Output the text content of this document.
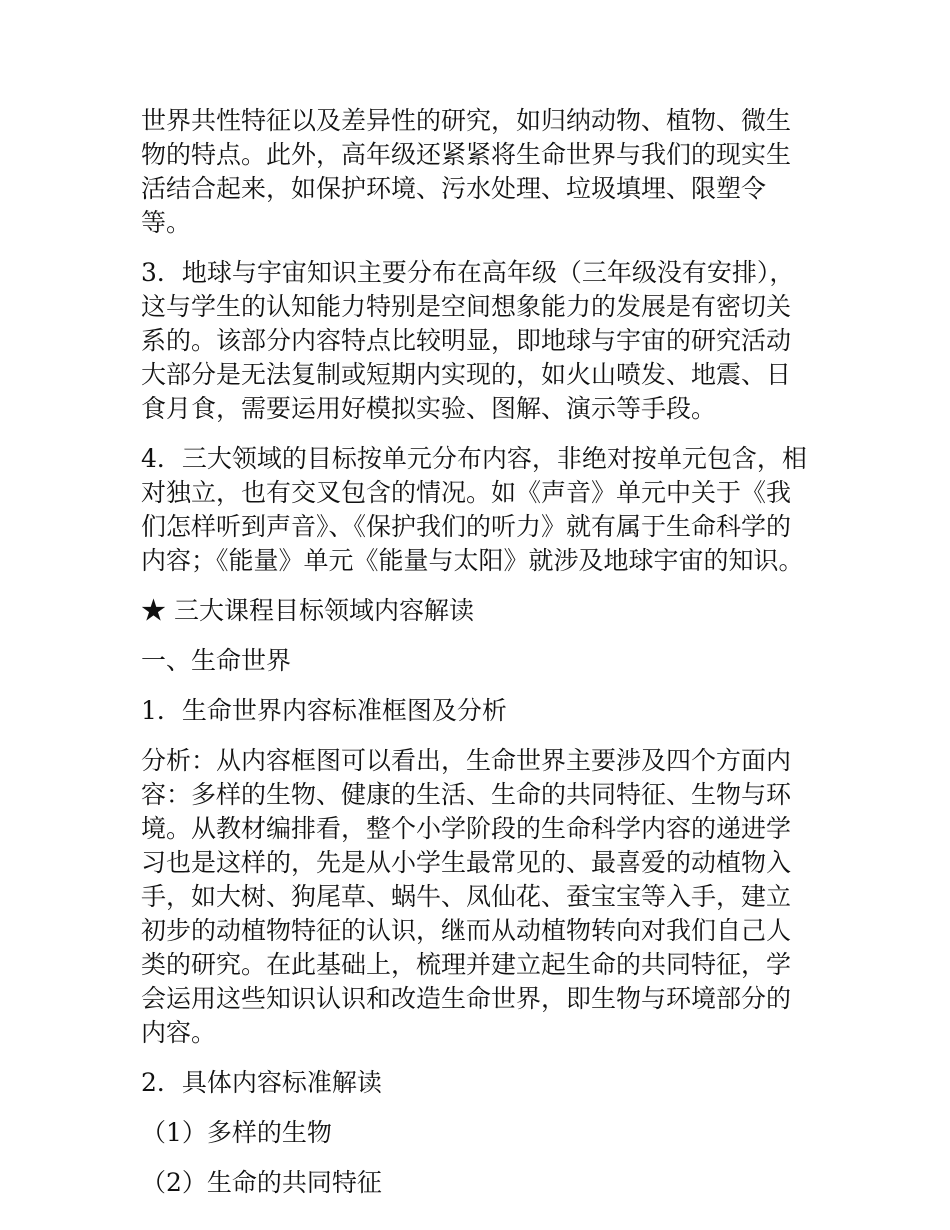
世界共性特征以及差异性的研究，如归纳动物、植物、微生物的特点。此外，高年级还紧紧将生命世界与我们的现实生活结合起来，如保护环境、污水处理、垃圾填埋、限塑令等。

3．地球与宇宙知识主要分布在高年级（三年级没有安排），这与学生的认知能力特别是空间想象能力的发展是有密切关系的。该部分内容特点比较明显，即地球与宇宙的研究活动大部分是无法复制或短期内实现的，如火山喷发、地震、日食月食，需要运用好模拟实验、图解、演示等手段。

4．三大领域的目标按单元分布内容，非绝对按单元包含，相对独立，也有交叉包含的情况。如《声音》单元中关于《我们怎样听到声音》、《保护我们的听力》就有属于生命科学的内容；《能量》单元《能量与太阳》就涉及地球宇宙的知识。

★ 三大课程目标领域内容解读

一、生命世界

1．生命世界内容标准框图及分析

分析：从内容框图可以看出，生命世界主要涉及四个方面内容：多样的生物、健康的生活、生命的共同特征、生物与环境。从教材编排看，整个小学阶段的生命科学内容的递进学习也是这样的，先是从小学生最常见的、最喜爱的动植物入手，如大树、狗尾草、蜗牛、凤仙花、蚕宝宝等入手，建立初步的动植物特征的认识，继而从动植物转向对我们自己人类的研究。在此基础上，梳理并建立起生命的共同特征，学会运用这些知识认识和改造生命世界，即生物与环境部分的内容。

2．具体内容标准解读

（1）多样的生物

（2）生命的共同特征
